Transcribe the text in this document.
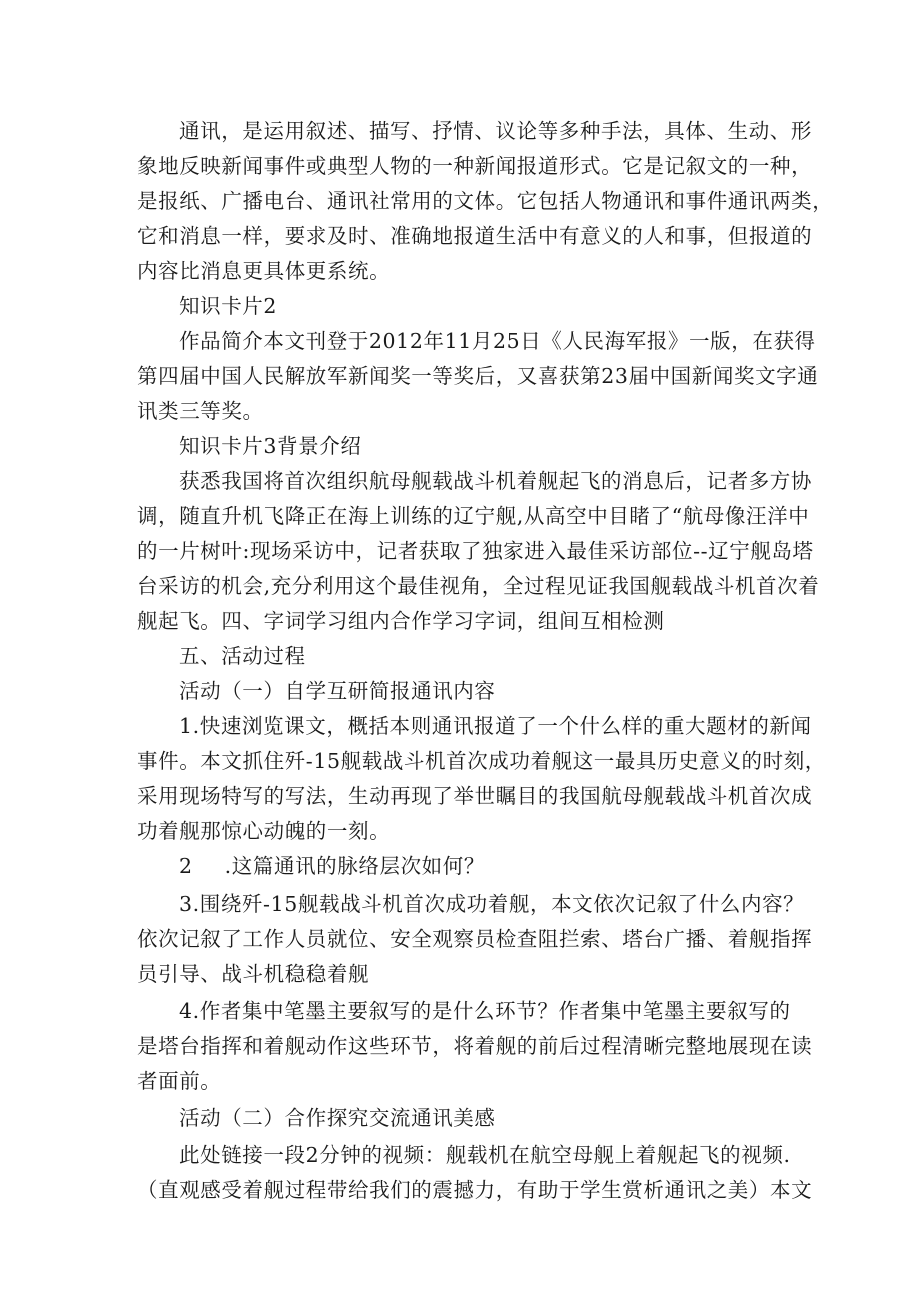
通讯，是运用叙述、描写、抒情、议论等多种手法，具体、生动、形
象地反映新闻事件或典型人物的一种新闻报道形式。它是记叙文的一种，
是报纸、广播电台、通讯社常用的文体。它包括人物通讯和事件通讯两类，
它和消息一样，要求及时、准确地报道生活中有意义的人和事，但报道的
内容比消息更具体更系统。
知识卡片2
作品简介本文刊登于2012年11月25日《人民海军报》一版，在获得
第四届中国人民解放军新闻奖一等奖后，又喜获第23届中国新闻奖文字通
讯类三等奖。
知识卡片3背景介绍
获悉我国将首次组织航母舰载战斗机着舰起飞的消息后，记者多方协
调，随直升机飞降正在海上训练的辽宁舰,从高空中目睹了“航母像汪洋中
的一片树叶:现场采访中，记者获取了独家进入最佳采访部位--辽宁舰岛塔
台采访的机会,充分利用这个最佳视角，全过程见证我国舰载战斗机首次着
舰起飞。四、字词学习组内合作学习字词，组间互相检测
五、活动过程
活动（一）自学互研简报通讯内容
1.快速浏览课文，概括本则通讯报道了一个什么样的重大题材的新闻
事件。本文抓住歼-15舰载战斗机首次成功着舰这一最具历史意义的时刻，
采用现场特写的写法，生动再现了举世瞩目的我国航母舰载战斗机首次成
功着舰那惊心动魄的一刻。
2 .这篇通讯的脉络层次如何？
3.围绕歼-15舰载战斗机首次成功着舰，本文依次记叙了什么内容？
依次记叙了工作人员就位、安全观察员检查阻拦索、塔台广播、着舰指挥
员引导、战斗机稳稳着舰
4.作者集中笔墨主要叙写的是什么环节？作者集中笔墨主要叙写的
是塔台指挥和着舰动作这些环节，将着舰的前后过程清晰完整地展现在读
者面前。
活动（二）合作探究交流通讯美感
此处链接一段2分钟的视频：舰载机在航空母舰上着舰起飞的视频.
（直观感受着舰过程带给我们的震撼力，有助于学生赏析通讯之美）本文
